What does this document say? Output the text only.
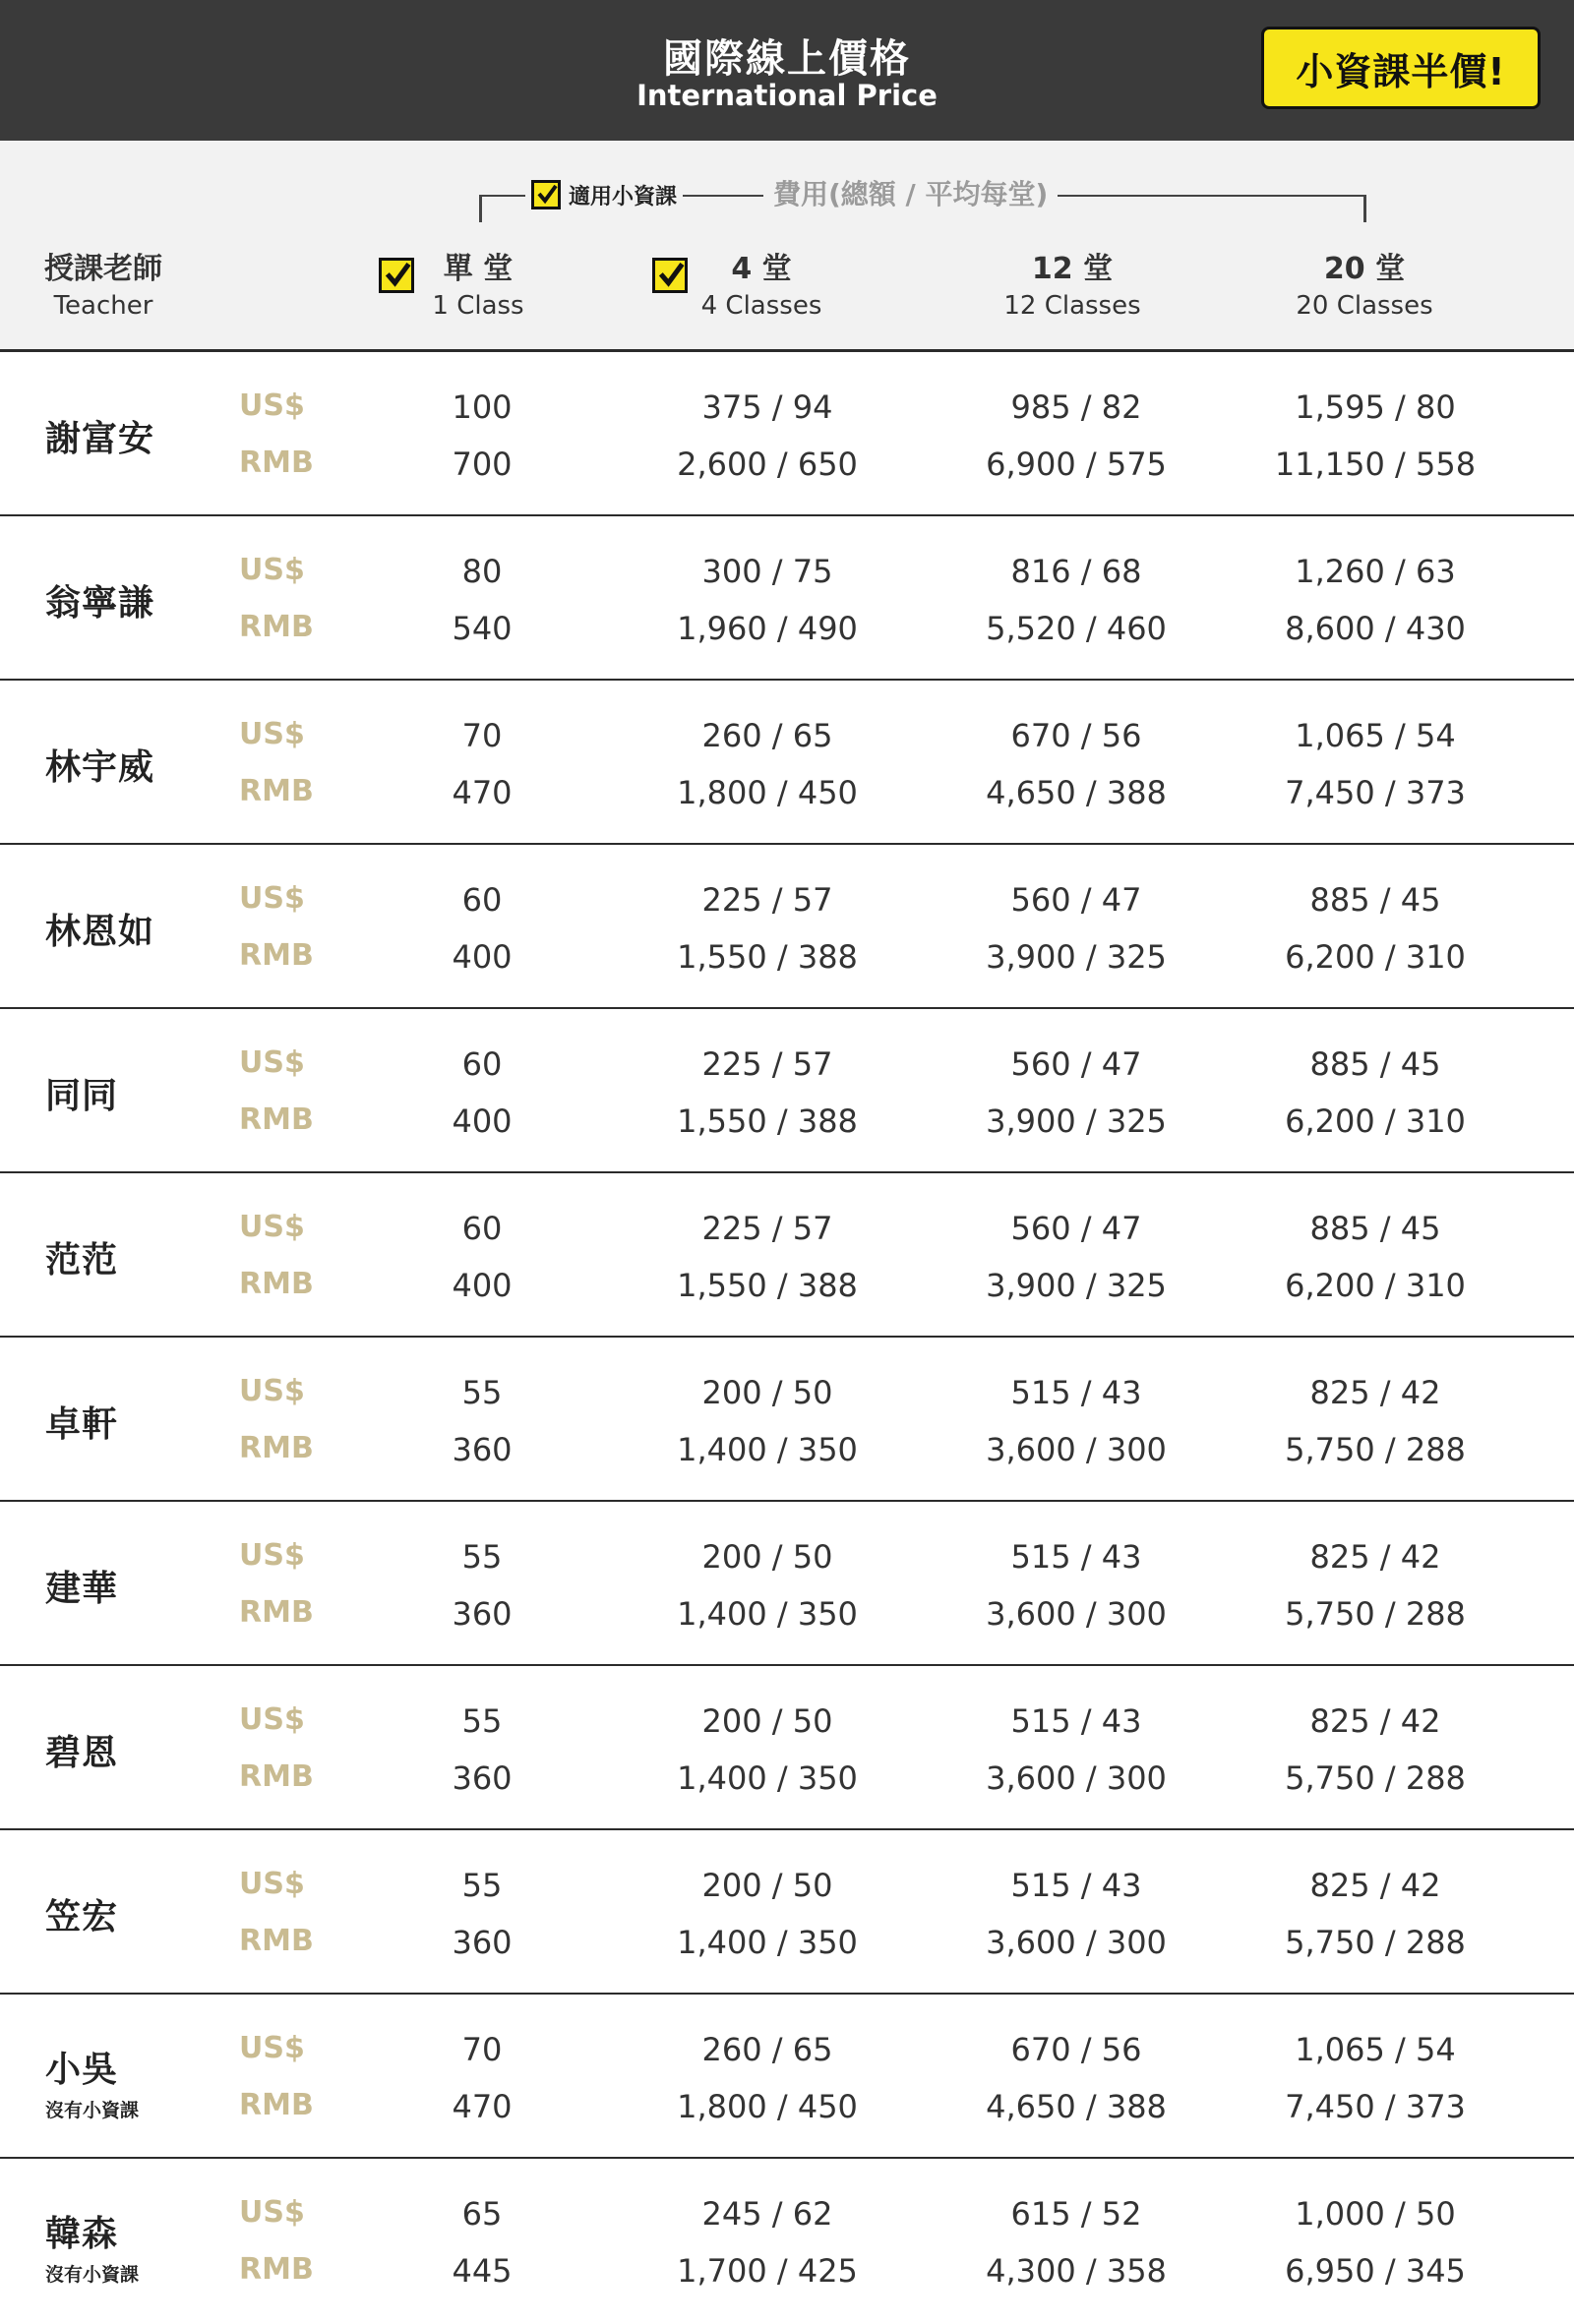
國際線上價格
International Price
小資課半價!
適用小資課	費用(總額 / 平均每堂)
授課老師
Teacher
單 堂
1 Class
4 堂
4 Classes
12 堂
12 Classes
20 堂
20 Classes
謝富安
US$	100	375 / 94	985 / 82	1,595 / 80
RMB	700	2,600 / 650	6,900 / 575	11,150 / 558
翁寧謙
US$	80	300 / 75	816 / 68	1,260 / 63
RMB	540	1,960 / 490	5,520 / 460	8,600 / 430
林宇威
US$	70	260 / 65	670 / 56	1,065 / 54
RMB	470	1,800 / 450	4,650 / 388	7,450 / 373
林恩如
US$	60	225 / 57	560 / 47	885 / 45
RMB	400	1,550 / 388	3,900 / 325	6,200 / 310
同同
US$	60	225 / 57	560 / 47	885 / 45
RMB	400	1,550 / 388	3,900 / 325	6,200 / 310
范范
US$	60	225 / 57	560 / 47	885 / 45
RMB	400	1,550 / 388	3,900 / 325	6,200 / 310
卓軒
US$	55	200 / 50	515 / 43	825 / 42
RMB	360	1,400 / 350	3,600 / 300	5,750 / 288
建華
US$	55	200 / 50	515 / 43	825 / 42
RMB	360	1,400 / 350	3,600 / 300	5,750 / 288
碧恩
US$	55	200 / 50	515 / 43	825 / 42
RMB	360	1,400 / 350	3,600 / 300	5,750 / 288
笠宏
US$	55	200 / 50	515 / 43	825 / 42
RMB	360	1,400 / 350	3,600 / 300	5,750 / 288
小吳
沒有小資課
US$	70	260 / 65	670 / 56	1,065 / 54
RMB	470	1,800 / 450	4,650 / 388	7,450 / 373
韓森
沒有小資課
US$	65	245 / 62	615 / 52	1,000 / 50
RMB	445	1,700 / 425	4,300 / 358	6,950 / 345
